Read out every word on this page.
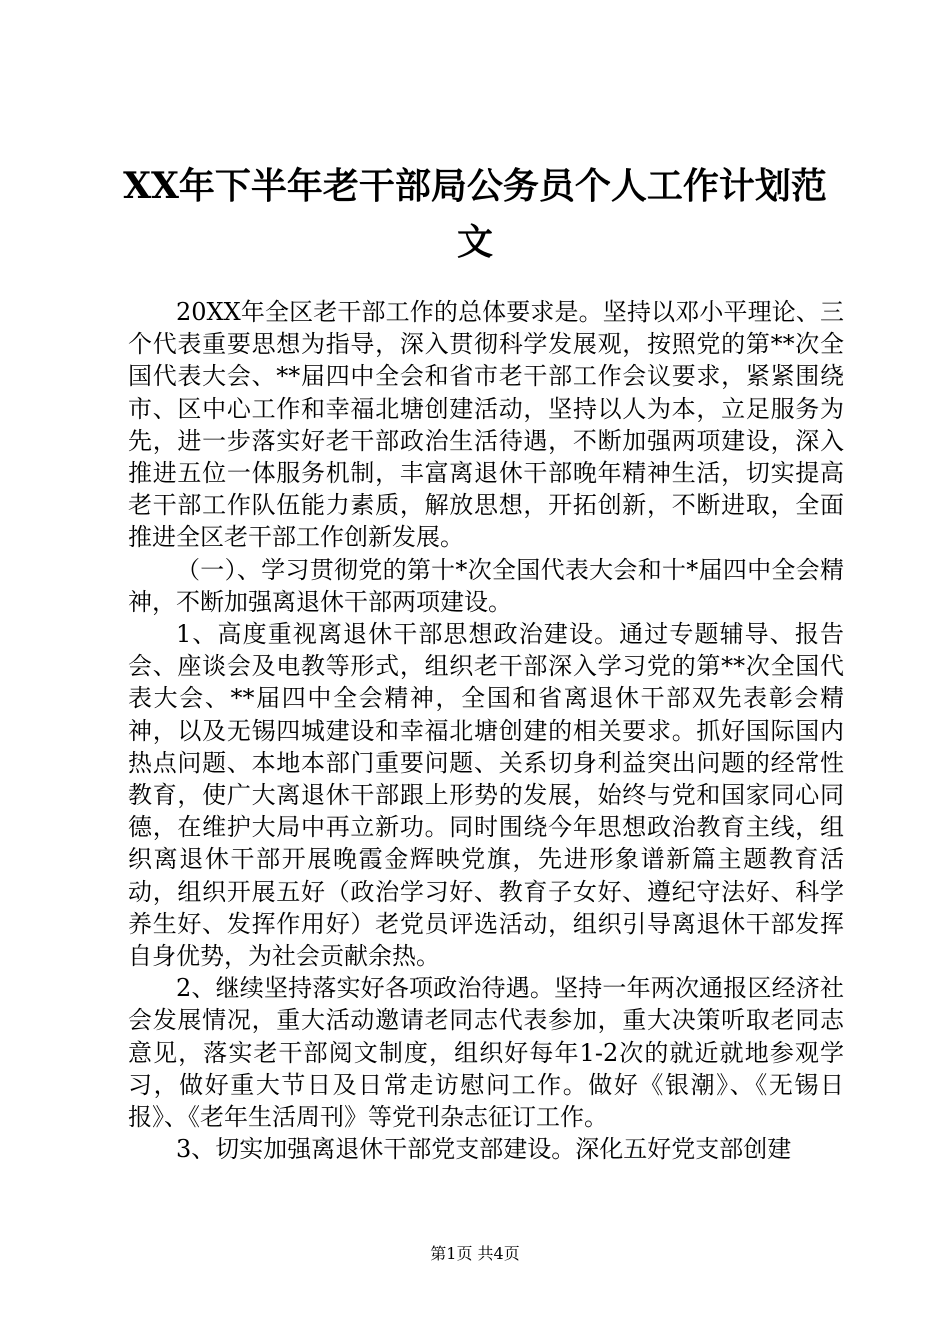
XX年下半年老干部局公务员个人工作计划范文

20XX年全区老干部工作的总体要求是。坚持以邓小平理论、三个代表重要思想为指导，深入贯彻科学发展观，按照党的第**次全国代表大会、**届四中全会和省市老干部工作会议要求，紧紧围绕市、区中心工作和幸福北塘创建活动，坚持以人为本，立足服务为先，进一步落实好老干部政治生活待遇，不断加强两项建设，深入推进五位一体服务机制，丰富离退休干部晚年精神生活，切实提高老干部工作队伍能力素质，解放思想，开拓创新，不断进取，全面推进全区老干部工作创新发展。

（一）、学习贯彻党的第十*次全国代表大会和十*届四中全会精神，不断加强离退休干部两项建设。

1、高度重视离退休干部思想政治建设。通过专题辅导、报告会、座谈会及电教等形式，组织老干部深入学习党的第**次全国代表大会、**届四中全会精神，全国和省离退休干部双先表彰会精神，以及无锡四城建设和幸福北塘创建的相关要求。抓好国际国内热点问题、本地本部门重要问题、关系切身利益突出问题的经常性教育，使广大离退休干部跟上形势的发展，始终与党和国家同心同德，在维护大局中再立新功。同时围绕今年思想政治教育主线，组织离退休干部开展晚霞金辉映党旗，先进形象谱新篇主题教育活动，组织开展五好（政治学习好、教育子女好、遵纪守法好、科学养生好、发挥作用好）老党员评选活动，组织引导离退休干部发挥自身优势，为社会贡献余热。

2、继续坚持落实好各项政治待遇。坚持一年两次通报区经济社会发展情况，重大活动邀请老同志代表参加，重大决策听取老同志意见，落实老干部阅文制度，组织好每年1-2次的就近就地参观学习，做好重大节日及日常走访慰问工作。做好《银潮》、《无锡日报》、《老年生活周刊》等党刊杂志征订工作。

3、切实加强离退休干部党支部建设。深化五好党支部创建

第1页 共4页
